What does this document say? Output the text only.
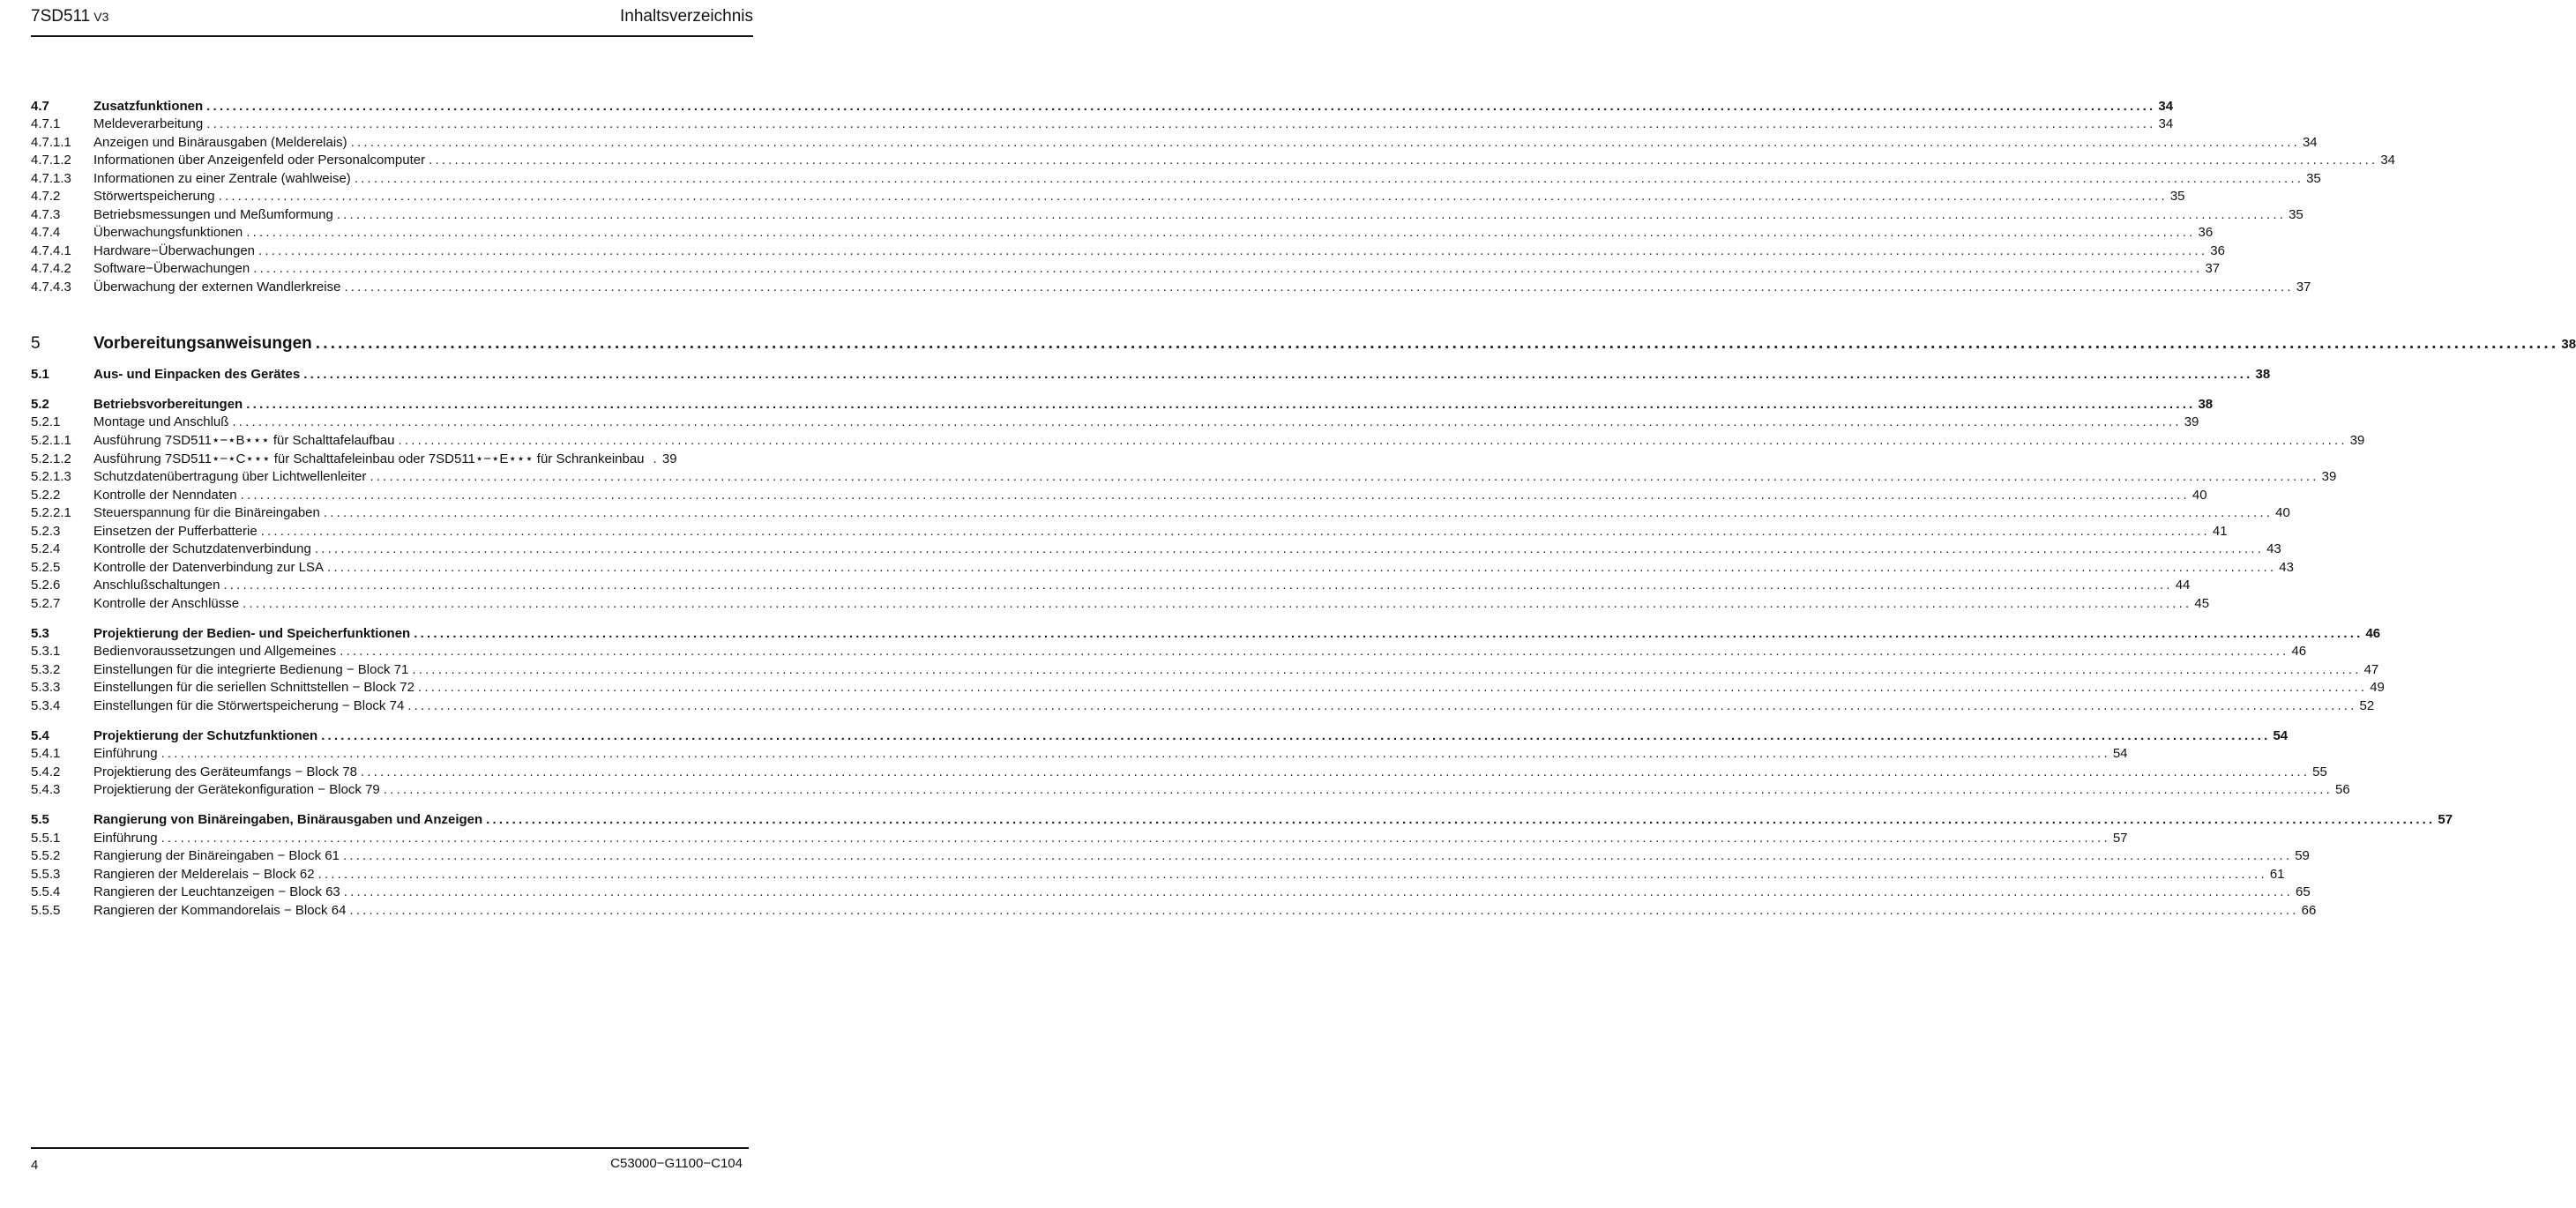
7SD511 V3	Inhaltsverzeichnis
4.7	Zusatzfunktionen ............................................................................................................................................................................................................................................................................................................ 34
4.7.1	Meldeverarbeitung ............................................................................................................................................................................................................................................................................................................ 34
4.7.1.1	Anzeigen und Binärausgaben (Melderelais) ............................................................................................................................................................................................................................................................................................................ 34
4.7.1.2	Informationen über Anzeigenfeld oder Personalcomputer ............................................................................................................................................................................................................................................................................................................ 34
4.7.1.3	Informationen zu einer Zentrale (wahlweise) ............................................................................................................................................................................................................................................................................................................ 35
4.7.2	Störwertspeicherung ............................................................................................................................................................................................................................................................................................................ 35
4.7.3	Betriebsmessungen und Meßumformung ............................................................................................................................................................................................................................................................................................................ 35
4.7.4	Überwachungsfunktionen ............................................................................................................................................................................................................................................................................................................ 36
4.7.4.1	Hardware−Überwachungen ............................................................................................................................................................................................................................................................................................................ 36
4.7.4.2	Software−Überwachungen ............................................................................................................................................................................................................................................................................................................ 37
4.7.4.3	Überwachung der externen Wandlerkreise ............................................................................................................................................................................................................................................................................................................ 37
5	Vorbereitungsanweisungen ............................................................................................................................................................................................................................................................................................................ 38
5.1	Aus- und Einpacken des Gerätes ............................................................................................................................................................................................................................................................................................................ 38
5.2	Betriebsvorbereitungen ............................................................................................................................................................................................................................................................................................................ 38
5.2.1	Montage und Anschluß ............................................................................................................................................................................................................................................................................................................ 39
5.2.1.1	Ausführung 7SD511⋆−⋆B⋆⋆⋆ für Schalttafelaufbau ............................................................................................................................................................................................................................................................................................................ 39
5.2.1.2	Ausführung 7SD511⋆−⋆C⋆⋆⋆ für Schalttafeleinbau oder 7SD511⋆−⋆E⋆⋆⋆ für Schrankeinbau . 39
5.2.1.3	Schutzdatenübertragung über Lichtwellenleiter ............................................................................................................................................................................................................................................................................................................ 39
5.2.2	Kontrolle der Nenndaten ............................................................................................................................................................................................................................................................................................................ 40
5.2.2.1	Steuerspannung für die Binäreingaben ............................................................................................................................................................................................................................................................................................................ 40
5.2.3	Einsetzen der Pufferbatterie ............................................................................................................................................................................................................................................................................................................ 41
5.2.4	Kontrolle der Schutzdatenverbindung ............................................................................................................................................................................................................................................................................................................ 43
5.2.5	Kontrolle der Datenverbindung zur LSA ............................................................................................................................................................................................................................................................................................................ 43
5.2.6	Anschlußschaltungen ............................................................................................................................................................................................................................................................................................................ 44
5.2.7	Kontrolle der Anschlüsse ............................................................................................................................................................................................................................................................................................................ 45
5.3	Projektierung der Bedien- und Speicherfunktionen ............................................................................................................................................................................................................................................................................................................ 46
5.3.1	Bedienvoraussetzungen und Allgemeines ............................................................................................................................................................................................................................................................................................................ 46
5.3.2	Einstellungen für die integrierte Bedienung − Block 71 ............................................................................................................................................................................................................................................................................................................ 47
5.3.3	Einstellungen für die seriellen Schnittstellen − Block 72 ............................................................................................................................................................................................................................................................................................................ 49
5.3.4	Einstellungen für die Störwertspeicherung − Block 74 ............................................................................................................................................................................................................................................................................................................ 52
5.4	Projektierung der Schutzfunktionen ............................................................................................................................................................................................................................................................................................................ 54
5.4.1	Einführung ............................................................................................................................................................................................................................................................................................................ 54
5.4.2	Projektierung des Geräteumfangs − Block 78 ............................................................................................................................................................................................................................................................................................................ 55
5.4.3	Projektierung der Gerätekonfiguration − Block 79 ............................................................................................................................................................................................................................................................................................................ 56
5.5	Rangierung von Binäreingaben, Binärausgaben und Anzeigen ............................................................................................................................................................................................................................................................................................................ 57
5.5.1	Einführung ............................................................................................................................................................................................................................................................................................................ 57
5.5.2	Rangierung der Binäreingaben − Block 61 ............................................................................................................................................................................................................................................................................................................ 59
5.5.3	Rangieren der Melderelais − Block 62 ............................................................................................................................................................................................................................................................................................................ 61
5.5.4	Rangieren der Leuchtanzeigen − Block 63 ............................................................................................................................................................................................................................................................................................................ 65
5.5.5	Rangieren der Kommandorelais − Block 64 ............................................................................................................................................................................................................................................................................................................ 66
4	C53000−G1100−C104
